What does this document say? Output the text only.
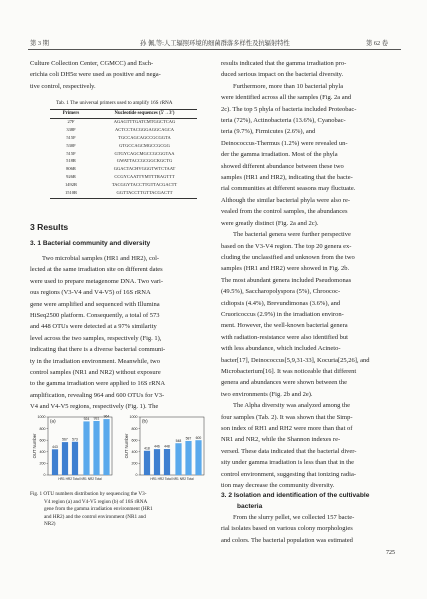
第 3 期	孙 佩,等:人工辐照环境的细菌群落多样性及抗辐射特性	第 62 卷

Culture Collection Center, CGMCC) and Esch-

erichia coli DH5α were used as positive and nega-

tive control, respectively.

Tab. 1 The universal primers used to amplify 16S rRNA
Primers	Nucleotide sequences (5′→3′)
27F	AGAGTTTGATCMTGGCTCAG
338F	ACTCCTACGGGAGGCAGCA
515F	TGCCAGCAGCCGCGGTA
530F	GTGCCAGCMGCCGCGG
515F	GTGYCAGCMGCCGCGGTAA
518R	GWATTACCGCGGCKGCTG
806R	GGACTACHVGGGTWTCTAAT
926R	CCGYCAATTYMTTTRAGTTT
1492R	TACGGYTACCTTGTTACGACTT
1510R	GGTTACCTTGTTACGACTT
3 Results
3. 1 Bacterial community and diversity

Two microbial samples (HR1 and HR2), col-

lected at the same irradiation site on different dates

were used to prepare metagenome DNA. Two vari-

ous regions (V3-V4 and V4-V5) of 16S rRNA

gene were amplified and sequenced with Illumina

HiSeq2500 platform. Consequently, a total of 573

and 448 OTUs were detected at a 97% similarity

level across the two samples, respectively (Fig. 1),

indicating that there is a diverse bacterial communi-

ty in the irradiation environment. Meanwhile, two

control samples (NR1 and NR2) without exposure

to the gamma irradiation were applied to 16S rRNA

amplification, revealing 964 and 600 OTUs for V3-

V4 and V4-V5 regions, respectively (Fig. 1). The

0
200
400
600
800
1000
OUT Number	443
567 573
924 931 964
(a)
HR1 HR2 Total NR1 NR2 Total
0
200
400
600
800
1000
OUT Number	418 446 448
548
587 600
(b)
HR1 HR2 Total NR1 NR2 Total

Fig. 1 OTU numbers distribution by sequencing the V3-

V4 region (a) and V4-V5 region (b) of 16S rRNA

gene from the gamma irradiation environment (HR1

and HR2) and the control environment (NR1 and

NR2)

results indicated that the gamma irradiation pro-

duced serious impact on the bacterial diversity.

Furthermore, more than 10 bacterial phyla

were identified across all the samples (Fig. 2a and

2c). The top 5 phyla of bacteria included Proteobac-

teria (72%), Actinobacteria (13.6%), Cyanobac-

teria (9.7%), Firmicutes (2.6%), and

Deinococcus-Thermus (1.2%) were revealed un-

der the gamma irradiation. Most of the phyla

showed different abundance between these two

samples (HR1 and HR2), indicating that the bacte-

rial communities at different seasons may fluctuate.

Although the similar bacterial phyla were also re-

vealed from the control samples, the abundances

were greatly distinct (Fig. 2a and 2c).

The bacterial genera were further perspective

based on the V3-V4 region. The top 20 genera ex-

cluding the unclassified and unknown from the two

samples (HR1 and HR2) were showed in Fig. 2b.

The most abundant genera included Pseudomonas

(49.5%), Saccharopolyspora (5%), Chroococ-

cidiopsis (4.4%), Brevundimonas (3.6%), and

Cruoricoccus (2.9%) in the irradiation environ-

ment. However, the well-known bacterial genera

with radiation-resistance were also identified but

with less abundance, which included Acineto-

bacter[17], Deinococcus[5,9,31-33], Kocuria[25,26], and

Microbacterium[16]. It was noticeable that different

genera and abundances were shown between the

two environments (Fig. 2b and 2e).

The Alpha diversity was analyzed among the

four samples (Tab. 2). It was shown that the Simp-

son index of RH1 and RH2 were more than that of

NR1 and NR2, while the Shannon indexes re-

versed. These data indicated that the bacterial diver-

sity under gamma irradiation is less than that in the

control environment, suggesting that ionizing radia-

tion may decrease the community diversity.

3. 2 Isolation and identification of the cultivable
bacteria

From the slurry pellet, we collected 157 bacte-

rial isolates based on various colony morphologies

and colors. The bacterial population was estimated

725
